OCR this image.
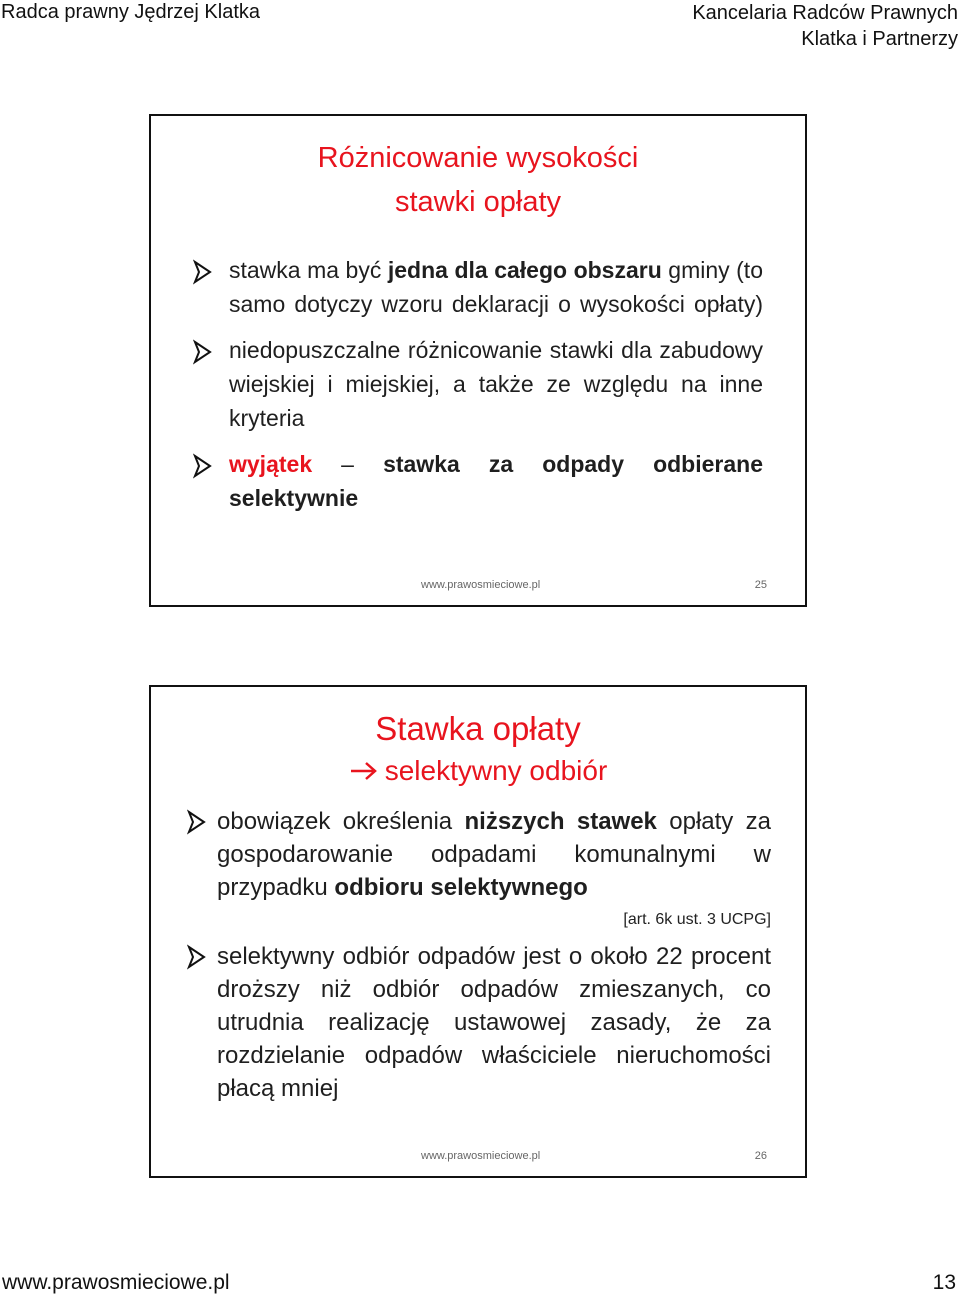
Radca prawny Jędrzej Klatka	Kancelaria Radców Prawnych
Klatka i Partnerzy
Różnicowanie wysokości
stawki opłaty
stawka ma być jedna dla całego obszaru gminy (to samo dotyczy wzoru deklaracji o wysokości opłaty)
niedopuszczalne różnicowanie stawki dla zabudowy wiejskiej i miejskiej, a także ze względu na inne kryteria
wyjątek – stawka za odpady odbierane selektywnie
www.prawosmieciowe.pl	25
Stawka opłaty
selektywny odbiór
obowiązek określenia niższych stawek opłaty za gospodarowanie odpadami komunalnymi w przypadku odbioru selektywnego
[art. 6k ust. 3 UCPG]
selektywny odbiór odpadów jest o około 22 procent droższy niż odbiór odpadów zmieszanych, co utrudnia realizację ustawowej zasady, że za rozdzielanie odpadów właściciele nieruchomości płacą mniej
www.prawosmieciowe.pl	26
www.prawosmieciowe.pl	13
